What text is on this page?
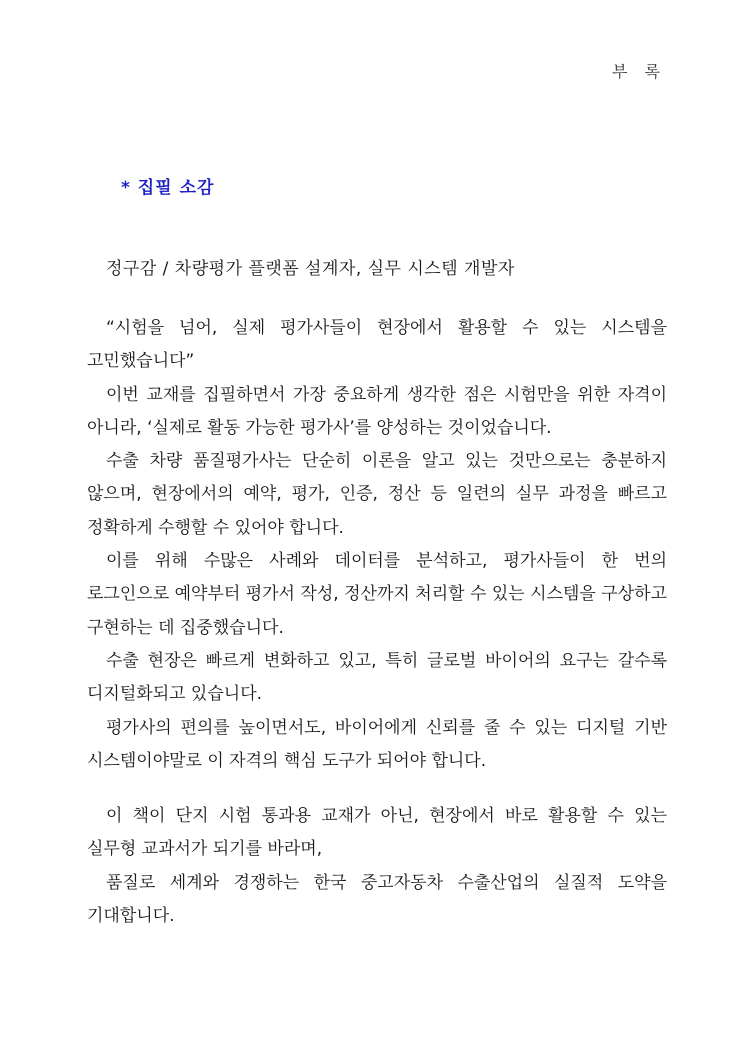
부 록
* 집필 소감
정구감 / 차량평가 플랫폼 설계자, 실무 시스템 개발자

“시험을 넘어, 실제 평가사들이 현장에서 활용할 수 있는 시스템을 고민했습니다”

이번 교재를 집필하면서 가장 중요하게 생각한 점은 시험만을 위한 자격이 아니라, ‘실제로 활동 가능한 평가사’를 양성하는 것이었습니다.

수출 차량 품질평가사는 단순히 이론을 알고 있는 것만으로는 충분하지 않으며, 현장에서의 예약, 평가, 인증, 정산 등 일련의 실무 과정을 빠르고 정확하게 수행할 수 있어야 합니다.

이를 위해 수많은 사례와 데이터를 분석하고, 평가사들이 한 번의 로그인으로 예약부터 평가서 작성, 정산까지 처리할 수 있는 시스템을 구상하고 구현하는 데 집중했습니다.

수출 현장은 빠르게 변화하고 있고, 특히 글로벌 바이어의 요구는 갈수록 디지털화되고 있습니다.

평가사의 편의를 높이면서도, 바이어에게 신뢰를 줄 수 있는 디지털 기반 시스템이야말로 이 자격의 핵심 도구가 되어야 합니다.

이 책이 단지 시험 통과용 교재가 아닌, 현장에서 바로 활용할 수 있는 실무형 교과서가 되기를 바라며,

품질로 세계와 경쟁하는 한국 중고자동차 수출산업의 실질적 도약을 기대합니다.
